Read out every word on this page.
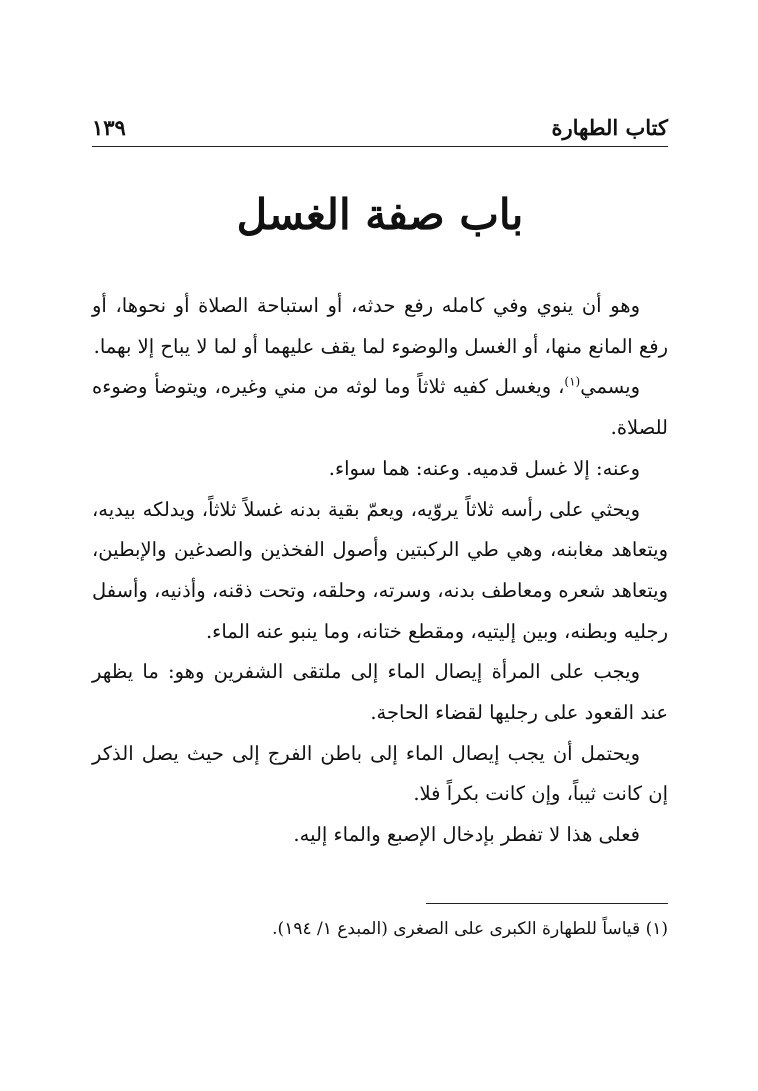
كتاب الطهارة
١٣٩
باب صفة الغسل

وهو أن ينوي وفي كامله رفع حدثه، أو استباحة الصلاة أو نحوها، أو رفع المانع منها، أو الغسل والوضوء لما يقف عليهما أو لما لا يباح إلا بهما.

ويسمي$^{(١)}$، ويغسل كفيه ثلاثاً وما لوثه من مني وغيره، ويتوضأ وضوءه للصلاة.

وعنه: إلا غسل قدميه. وعنه: هما سواء.

ويحثي على رأسه ثلاثاً يروّيه، ويعمّ بقية بدنه غسلاً ثلاثاً، ويدلكه بيديه، ويتعاهد مغابنه، وهي طي الركبتين وأصول الفخذين والصدغين والإبطين، ويتعاهد شعره ومعاطف بدنه، وسرته، وحلقه، وتحت ذقنه، وأذنيه، وأسفل رجليه وبطنه، وبين إليتيه، ومقطع ختانه، وما ينبو عنه الماء.

ويجب على المرأة إيصال الماء إلى ملتقى الشفرين وهو: ما يظهر عند القعود على رجليها لقضاء الحاجة.

ويحتمل أن يجب إيصال الماء إلى باطن الفرج إلى حيث يصل الذكر إن كانت ثيباً، وإن كانت بكراً فلا.

فعلى هذا لا تفطر بإدخال الإصبع والماء إليه.

(١) قياساً للطهارة الكبرى على الصغرى (المبدع ١/ ١٩٤).
